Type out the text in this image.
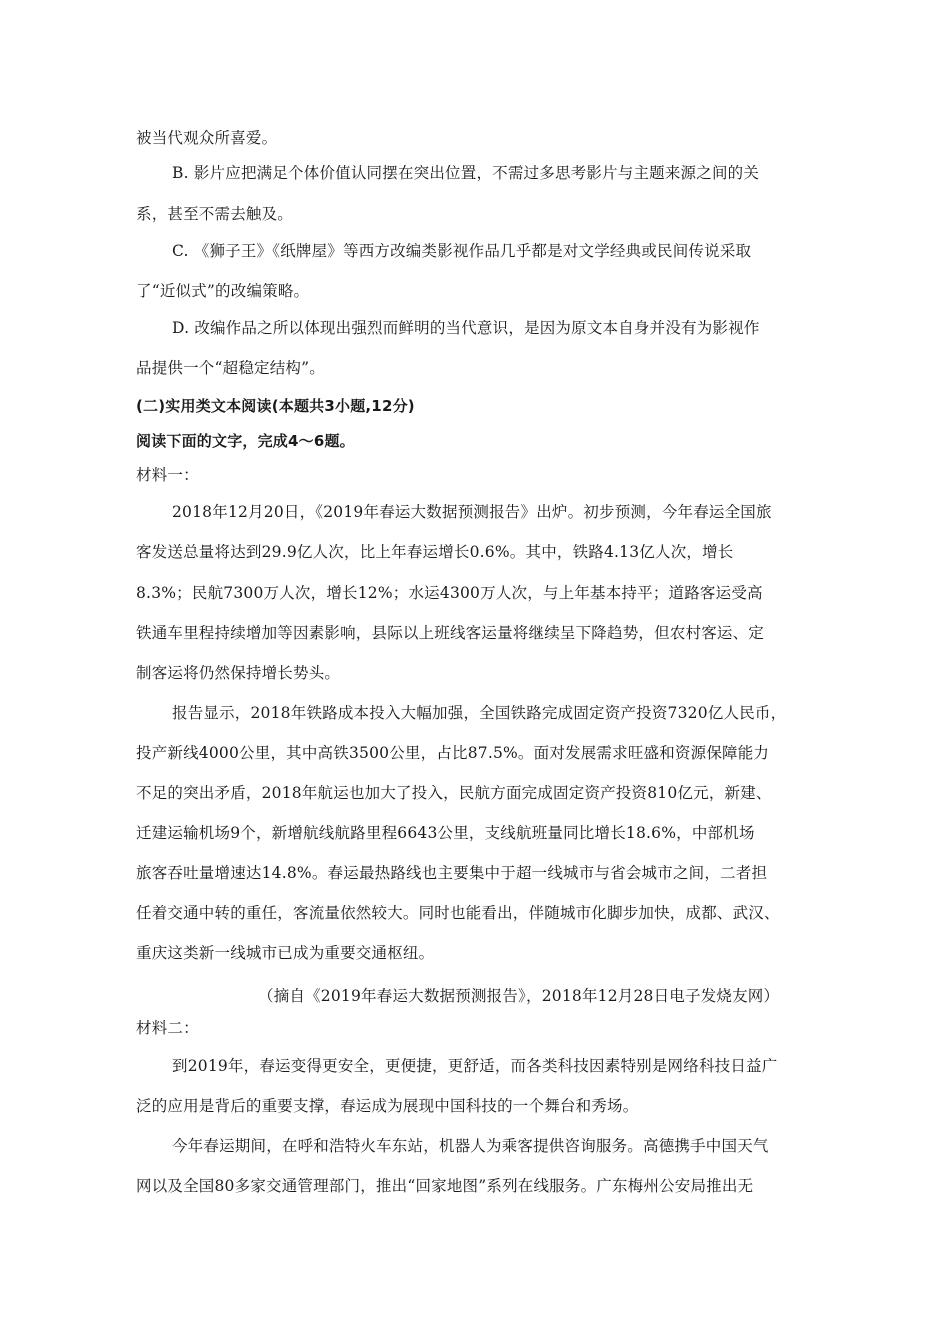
被当代观众所喜爱。
B. 影片应把满足个体价值认同摆在突出位置，不需过多思考影片与主题来源之间的关
系，甚至不需去触及。
C. 《狮子王》《纸牌屋》等西方改编类影视作品几乎都是对文学经典或民间传说采取
了“近似式”的改编策略。
D. 改编作品之所以体现出强烈而鲜明的当代意识，是因为原文本自身并没有为影视作
品提供一个“超稳定结构”。
(二)实用类文本阅读(本题共3小题,12分)
阅读下面的文字，完成4～6题。
材料一：
2018年12月20日，《2019年春运大数据预测报告》出炉。初步预测，今年春运全国旅
客发送总量将达到29.9亿人次，比上年春运增长0.6%。其中，铁路4.13亿人次，增长
8.3%；民航7300万人次，增长12%；水运4300万人次，与上年基本持平；道路客运受高
铁通车里程持续增加等因素影响，县际以上班线客运量将继续呈下降趋势，但农村客运、定
制客运将仍然保持增长势头。
报告显示，2018年铁路成本投入大幅加强，全国铁路完成固定资产投资7320亿人民币，
投产新线4000公里，其中高铁3500公里，占比87.5%。面对发展需求旺盛和资源保障能力
不足的突出矛盾，2018年航运也加大了投入，民航方面完成固定资产投资810亿元，新建、
迁建运输机场9个，新增航线航路里程6643公里，支线航班量同比增长18.6%，中部机场
旅客吞吐量增速达14.8%。春运最热路线也主要集中于超一线城市与省会城市之间，二者担
任着交通中转的重任，客流量依然较大。同时也能看出，伴随城市化脚步加快，成都、武汉、
重庆这类新一线城市已成为重要交通枢纽。
（摘自《2019年春运大数据预测报告》，2018年12月28日电子发烧友网）
材料二：
到2019年，春运变得更安全，更便捷，更舒适，而各类科技因素特别是网络科技日益广
泛的应用是背后的重要支撑，春运成为展现中国科技的一个舞台和秀场。
今年春运期间，在呼和浩特火车东站，机器人为乘客提供咨询服务。高德携手中国天气
网以及全国80多家交通管理部门，推出“回家地图”系列在线服务。广东梅州公安局推出无
